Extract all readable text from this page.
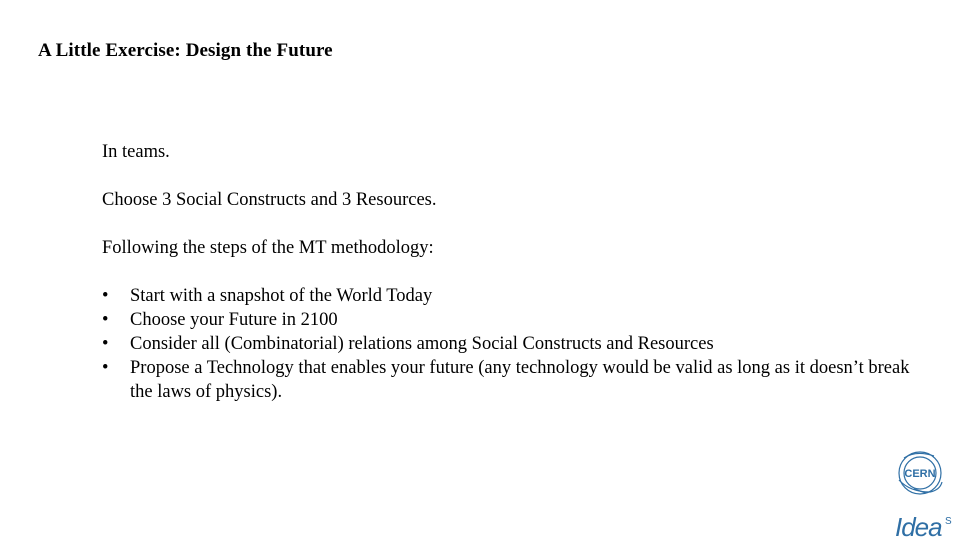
A Little Exercise: Design the Future

In teams.

Choose 3 Social Constructs and 3 Resources.

Following the steps of the MT methodology:

• Start with a snapshot of the World Today
• Choose your Future in 2100
• Consider all (Combinatorial) relations among Social Constructs and Resources
• Propose a Technology that enables your future (any technology would be valid as long as it doesn’t break the laws of physics).
CERN
Idea S
